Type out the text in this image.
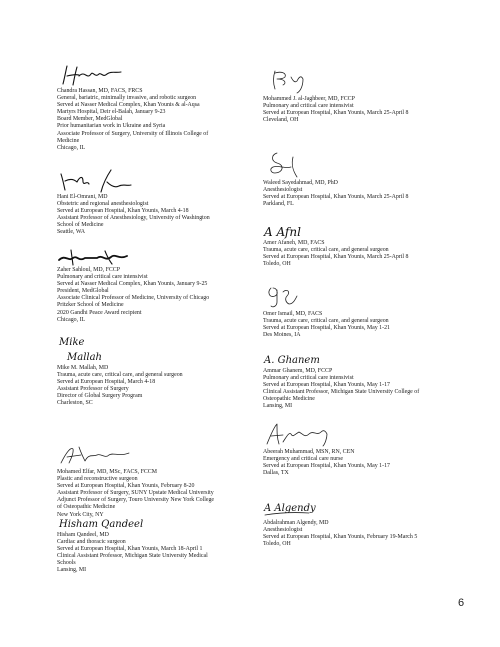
Chandra Hassan, MD, FACS, FRCS
General, bariatric, minimally invasive, and robotic surgeon
Served at Nasser Medical Complex, Khan Younis & al-Aqsa
Martyrs Hospital, Deir el-Balah, January 9-23
Board Member, MedGlobal
Prior humanitarian work in Ukraine and Syria
Associate Professor of Surgery, University of Illinois College of
Medicine
Chicago, IL
Hani El-Omrani, MD
Obstetric and regional anesthesiologist
Served at European Hospital, Khan Younis, March 4-18
Assistant Professor of Anesthesiology, University of Washington
School of Medicine
Seattle, WA
Zaher Sahloul, MD, FCCP
Pulmonary and critical care intensivist
Served at Nasser Medical Complex, Khan Younis, January 9-25
President, MedGlobal
Associate Clinical Professor of Medicine, University of Chicago
Pritzker School of Medicine
2020 Gandhi Peace Award recipient
Chicago, IL
Mike
Mallah
Mike M. Mallah, MD
Trauma, acute care, critical care, and general surgeon
Served at European Hospital, March 4-18
Assistant Professor of Surgery
Director of Global Surgery Program
Charleston, SC
Mohamed Elfar, MD, MSc, FACS, FCCM
Plastic and reconstructive surgeon
Served at European Hospital, Khan Younis, February 8-20
Assistant Professor of Surgery, SUNY Upstate Medical University
Adjunct Professor of Surgery, Touro University New York College
of Osteopathic Medicine
New York City, NY
Hisham Qandeel
Hisham Qandeel, MD
Cardiac and thoracic surgeon
Served at European Hospital, Khan Younis, March 18-April 1
Clinical Assistant Professor, Michigan State University Medical
Schools
Lansing, MI
Mohammed J. al-Jaghbeer, MD, FCCP
Pulmonary and critical care intensivist
Served at European Hospital, Khan Younis, March 25-April 8
Cleveland, OH
Waleed Sayedahmad, MD, PhD
Anesthesiologist
Served at European Hospital, Khan Younis, March 25-April 8
Parkland, FL
A Afnl
Amer Afaneh, MD, FACS
Trauma, acute care, critical care, and general surgeon
Served at European Hospital, Khan Younis, March 25-April 8
Toledo, OH
Omer Ismail, MD, FACS
Trauma, acute care, critical care, and general surgeon
Served at European Hospital, Khan Younis, May 1-21
Des Moines, IA
A. Ghanem
Ammar Ghanem, MD, FCCP
Pulmonary and critical care intensivist
Served at European Hospital, Khan Younis, May 1-17
Clinical Assistant Professor, Michigan State University College of
Osteopathic Medicine
Lansing, MI
Abeerah Muhammad, MSN, RN, CEN
Emergency and critical care nurse
Served at European Hospital, Khan Younis, May 1-17
Dallas, TX
A Algendy
Abdalrahman Algendy, MD
Anesthesiologist
Served at European Hospital, Khan Younis, February 19-March 5
Toledo, OH
6
